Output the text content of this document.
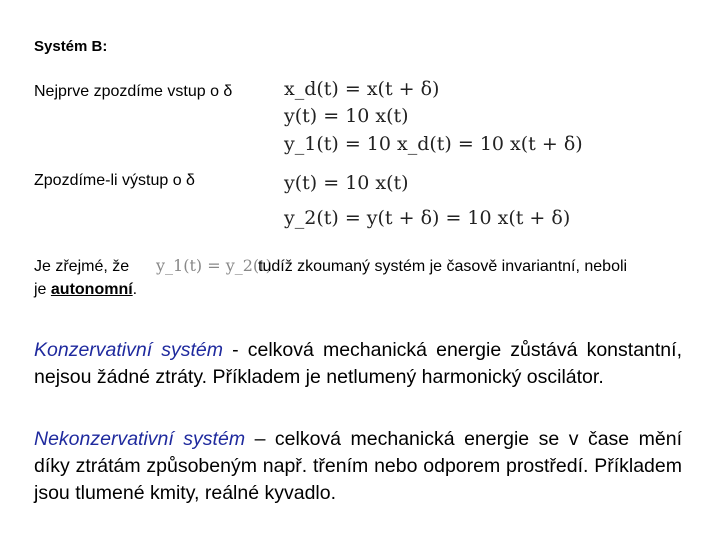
Systém B:
Nejprve zpozdíme vstup o δ	x_d(t) = x(t + δ)
y(t) = 10 x(t)
y_1(t) = 10 x_d(t) = 10 x(t + δ)
Zpozdíme-li výstup o δ	y(t) = 10 x(t)
y_2(t) = y(t + δ) = 10 x(t + δ)
Je zřejmé, že y_1(t) = y_2(t)
tudíž zkoumaný systém je časově invariantní, neboli
je autonomní.
Konzervativní systém - celková mechanická energie zůstává konstantní, nejsou žádné ztráty. Příkladem je netlumený harmonický oscilátor.
Nekonzervativní systém – celková mechanická energie se v čase mění díky ztrátám způsobeným např. třením nebo odporem prostředí. Příkladem jsou tlumené kmity, reálné kyvadlo.
